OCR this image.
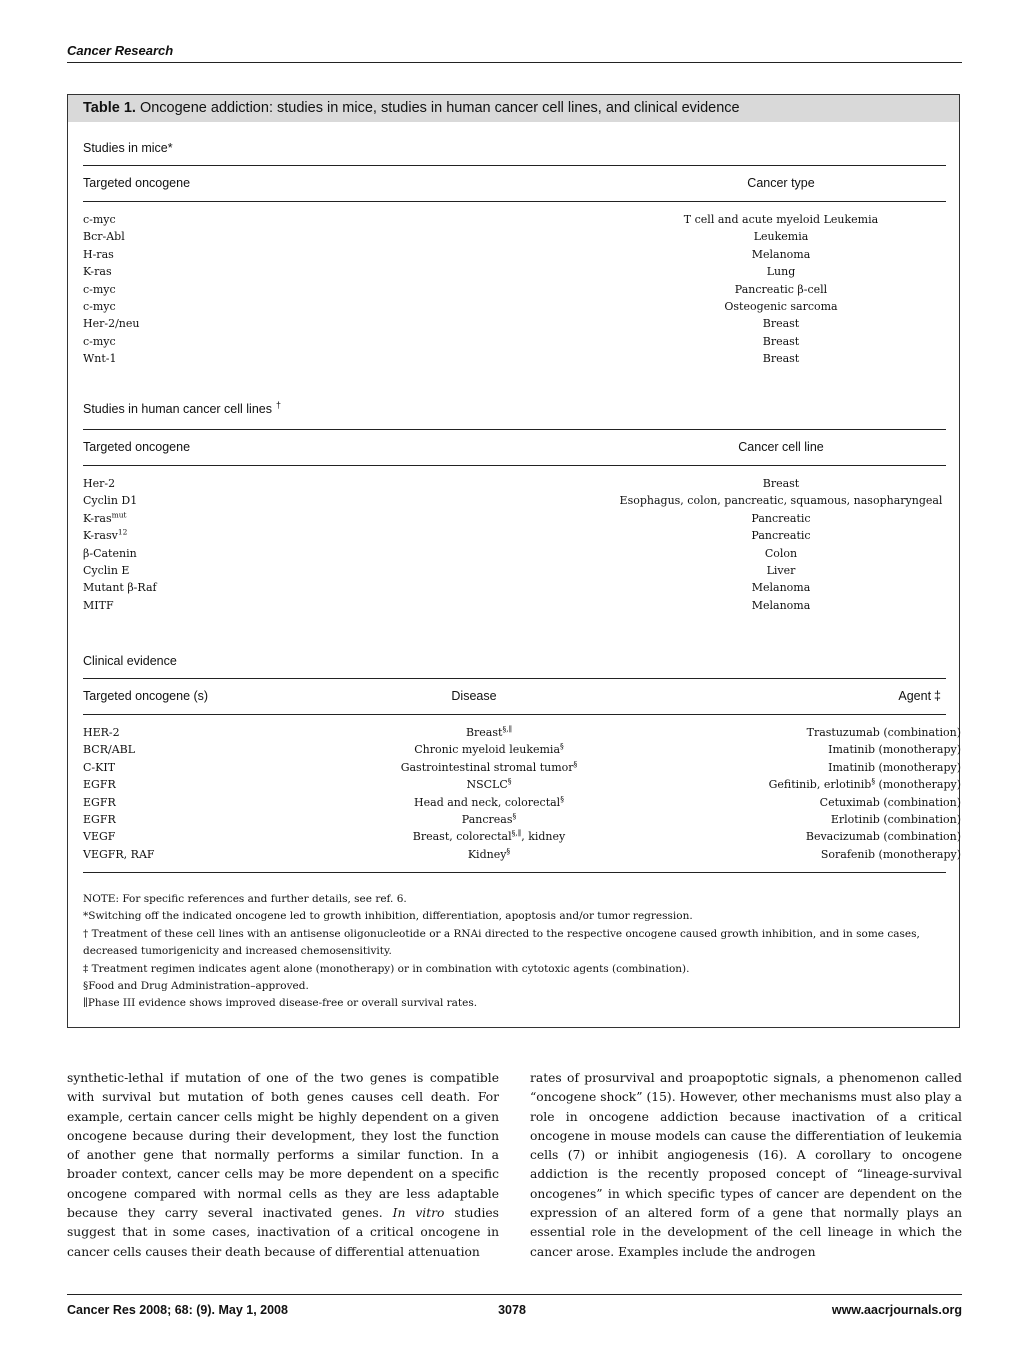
Cancer Research
Table 1. Oncogene addiction: studies in mice, studies in human cancer cell lines, and clinical evidence
Studies in mice*
Targeted oncogene	Cancer type
c-myc	T cell and acute myeloid Leukemia
Bcr-Abl	Leukemia
H-ras	Melanoma
K-ras	Lung
c-myc	Pancreatic β-cell
c-myc	Osteogenic sarcoma
Her-2/neu	Breast
c-myc	Breast
Wnt-1	Breast
Studies in human cancer cell lines †
Targeted oncogene	Cancer cell line
Her-2	Breast
Cyclin D1	Esophagus, colon, pancreatic, squamous, nasopharyngeal
K-ras$^{mut}$	Pancreatic
K-rasv$^{12}$	Pancreatic
β-Catenin	Colon
Cyclin E	Liver
Mutant β-Raf	Melanoma
MITF	Melanoma
Clinical evidence
Targeted oncogene (s)	Disease	Agent ‡
HER-2	Breast§,∥	Trastuzumab (combination)
BCR/ABL	Chronic myeloid leukemia§	Imatinib (monotherapy)
C-KIT	Gastrointestinal stromal tumor§	Imatinib (monotherapy)
EGFR	NSCLC§	Gefitinib, erlotinib§ (monotherapy)
EGFR	Head and neck, colorectal§	Cetuximab (combination)
EGFR	Pancreas§	Erlotinib (combination)
VEGF	Breast, colorectal§,∥, kidney	Bevacizumab (combination)
VEGFR, RAF	Kidney§	Sorafenib (monotherapy)
NOTE: For specific references and further details, see ref. 6.
*Switching off the indicated oncogene led to growth inhibition, differentiation, apoptosis and/or tumor regression.
† Treatment of these cell lines with an antisense oligonucleotide or a RNAi directed to the respective oncogene caused growth inhibition, and in some cases, decreased tumorigenicity and increased chemosensitivity.
‡ Treatment regimen indicates agent alone (monotherapy) or in combination with cytotoxic agents (combination).
§Food and Drug Administration–approved.
∥Phase III evidence shows improved disease-free or overall survival rates.

synthetic-lethal if mutation of one of the two genes is compatible with survival but mutation of both genes causes cell death. For example, certain cancer cells might be highly dependent on a given oncogene because during their development, they lost the function of another gene that normally performs a similar function. In a broader context, cancer cells may be more dependent on a specific oncogene compared with normal cells as they are less adaptable because they carry several inactivated genes. In vitro studies suggest that in some cases, inactivation of a critical oncogene in cancer cells causes their death because of differential attenuation

rates of prosurvival and proapoptotic signals, a phenomenon called “oncogene shock” (15). However, other mechanisms must also play a role in oncogene addiction because inactivation of a critical oncogene in mouse models can cause the differentiation of leukemia cells (7) or inhibit angiogenesis (16). A corollary to oncogene addiction is the recently proposed concept of “lineage-survival oncogenes” in which specific types of cancer are dependent on the expression of an altered form of a gene that normally plays an essential role in the development of the cell lineage in which the cancer arose. Examples include the androgen

Cancer Res 2008; 68: (9). May 1, 2008	3078	www.aacrjournals.org
